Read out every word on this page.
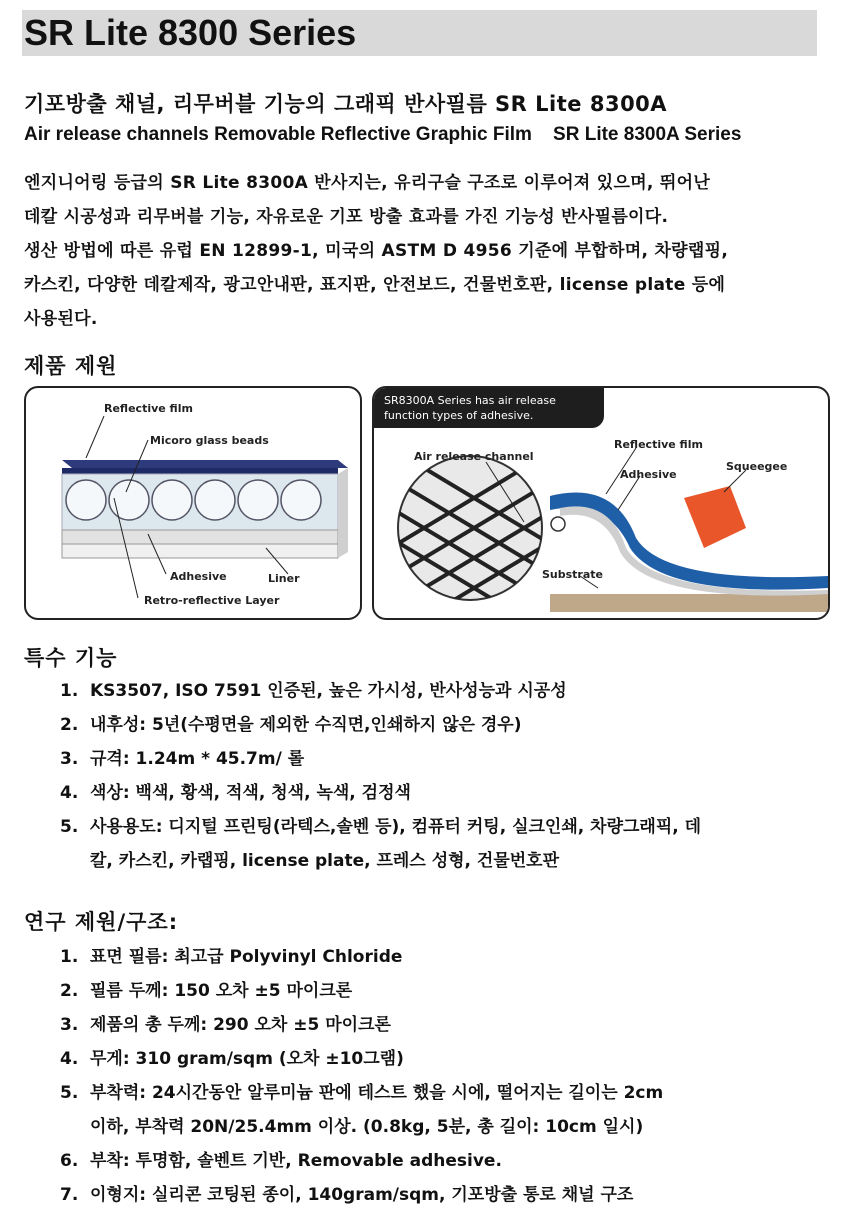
SR Lite 8300 Series
기포방출 채널, 리무버블 기능의 그래픽 반사필름 SR Lite 8300A
Air release channels Removable Reflective Graphic Film    SR Lite 8300A Series
엔지니어링 등급의 SR Lite 8300A 반사지는, 유리구슬 구조로 이루어져 있으며, 뛰어난
데칼 시공성과 리무버블 기능, 자유로운 기포 방출 효과를 가진 기능성 반사필름이다.
생산 방법에 따른 유럽 EN 12899-1, 미국의 ASTM D 4956 기준에 부합하며, 차량랩핑,
카스킨, 다양한 데칼제작, 광고안내판, 표지판, 안전보드, 건물번호판, license plate 등에
사용된다.
제품 제원
Reflective film
Micoro glass beads
Adhesive	Liner
Retro-reflective Layer
SR8300A Series has air release
function types of adhesive.
Air release channel
Reflective film
Adhesive
Squeegee
Substrate
특수 기능
1. KS3507, ISO 7591 인증된, 높은 가시성, 반사성능과 시공성
2. 내후성: 5년(수평면을 제외한 수직면,인쇄하지 않은 경우)
3. 규격: 1.24m * 45.7m/ 롤
4. 색상: 백색, 황색, 적색, 청색, 녹색, 검정색
5. 사용용도: 디지털 프린팅(라텍스,솔벤 등), 컴퓨터 커팅, 실크인쇄, 차량그래픽, 데
칼, 카스킨, 카랩핑, license plate, 프레스 성형, 건물번호판
연구 제원/구조:
1. 표면 필름: 최고급 Polyvinyl Chloride
2. 필름 두께: 150 오차 ±5 마이크론
3. 제품의 총 두께: 290 오차 ±5 마이크론
4. 무게: 310 gram/sqm (오차 ±10그램)
5. 부착력: 24시간동안 알루미늄 판에 테스트 했을 시에, 떨어지는 길이는 2cm
이하, 부착력 20N/25.4mm 이상. (0.8kg, 5분, 총 길이: 10cm 일시)
6. 부착: 투명함, 솔벤트 기반, Removable adhesive.
7. 이형지: 실리콘 코팅된 종이, 140gram/sqm, 기포방출 통로 채널 구조
